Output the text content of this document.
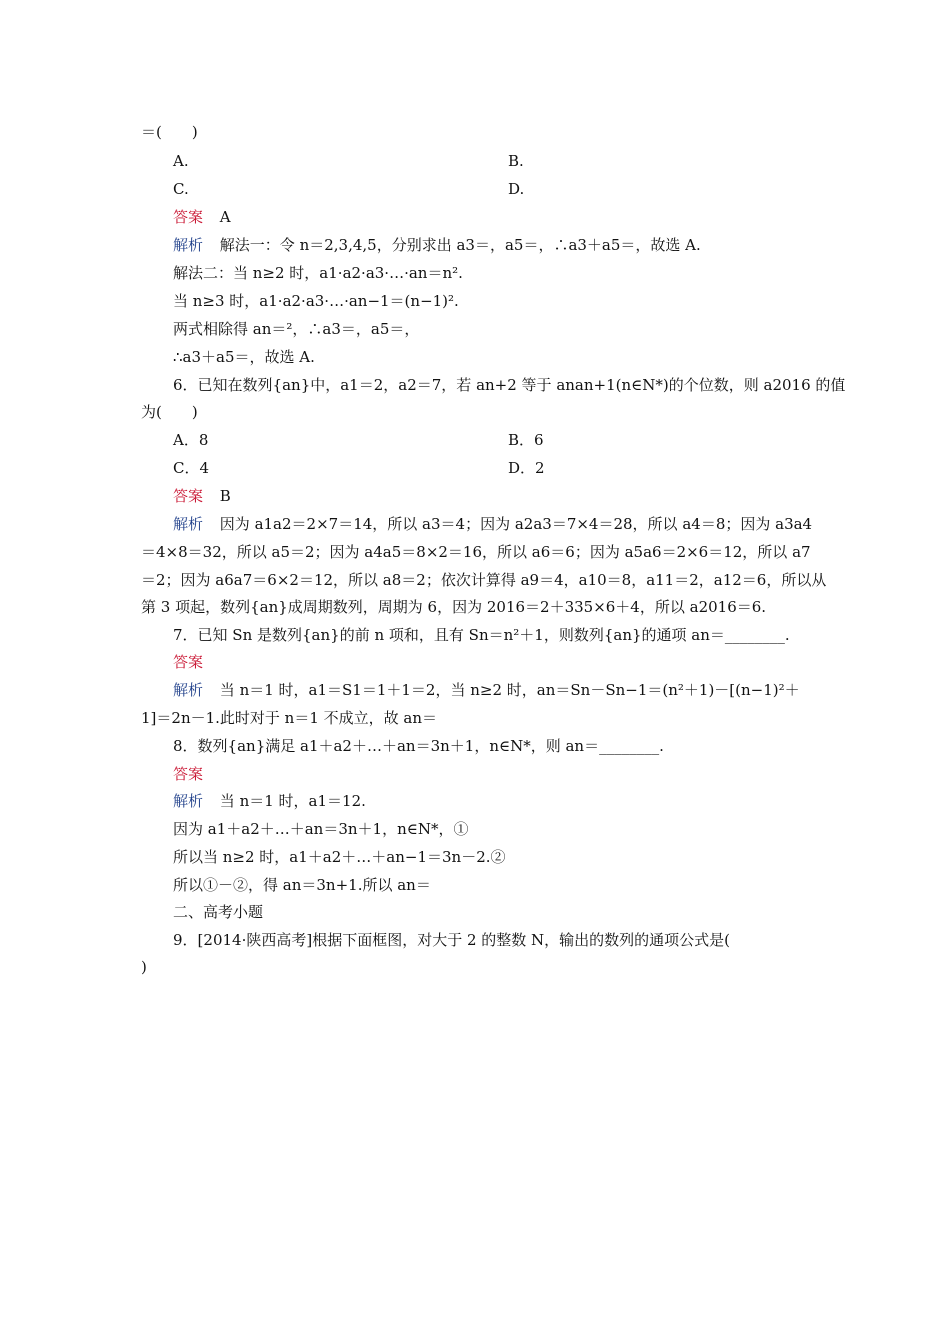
＝(　　)
A.	B.
C.	D.
答案 A
解析 解法一：令 n＝2,3,4,5，分别求出 a3＝，a5＝，∴a3＋a5＝，故选 A.
解法二：当 n≥2 时，a1·a2·a3·…·an＝n².
当 n≥3 时，a1·a2·a3·…·an−1＝(n−1)².
两式相除得 an＝²，∴a3＝，a5＝，
∴a3＋a5＝，故选 A.
6．已知在数列{an}中，a1＝2，a2＝7，若 an+2 等于 anan+1(n∈N*)的个位数，则 a2016 的值
为(　　)
A．8	B．6
C．4	D．2
答案 B
解析 因为 a1a2＝2×7＝14，所以 a3＝4；因为 a2a3＝7×4＝28，所以 a4＝8；因为 a3a4
＝4×8＝32，所以 a5＝2；因为 a4a5＝8×2＝16，所以 a6＝6；因为 a5a6＝2×6＝12，所以 a7
＝2；因为 a6a7＝6×2＝12，所以 a8＝2；依次计算得 a9＝4，a10＝8，a11＝2，a12＝6，所以从
第 3 项起，数列{an}成周期数列，周期为 6，因为 2016＝2＋335×6＋4，所以 a2016＝6.
7．已知 Sn 是数列{an}的前 n 项和，且有 Sn＝n²＋1，则数列{an}的通项 an＝________.
答案
解析 当 n＝1 时，a1＝S1＝1＋1＝2，当 n≥2 时，an＝Sn－Sn−1＝(n²＋1)－[(n−1)²＋
1]＝2n－1.此时对于 n＝1 不成立，故 an＝
8．数列{an}满足 a1＋a2＋…＋an＝3n＋1，n∈N*，则 an＝________.
答案
解析 当 n＝1 时，a1＝12.
因为 a1＋a2＋…＋an＝3n＋1，n∈N*，①
所以当 n≥2 时，a1＋a2＋…＋an−1＝3n－2.②
所以①－②，得 an＝3n+1.所以 an＝
二、高考小题
9．[2014·陕西高考]根据下面框图，对大于 2 的整数 N，输出的数列的通项公式是(
)
